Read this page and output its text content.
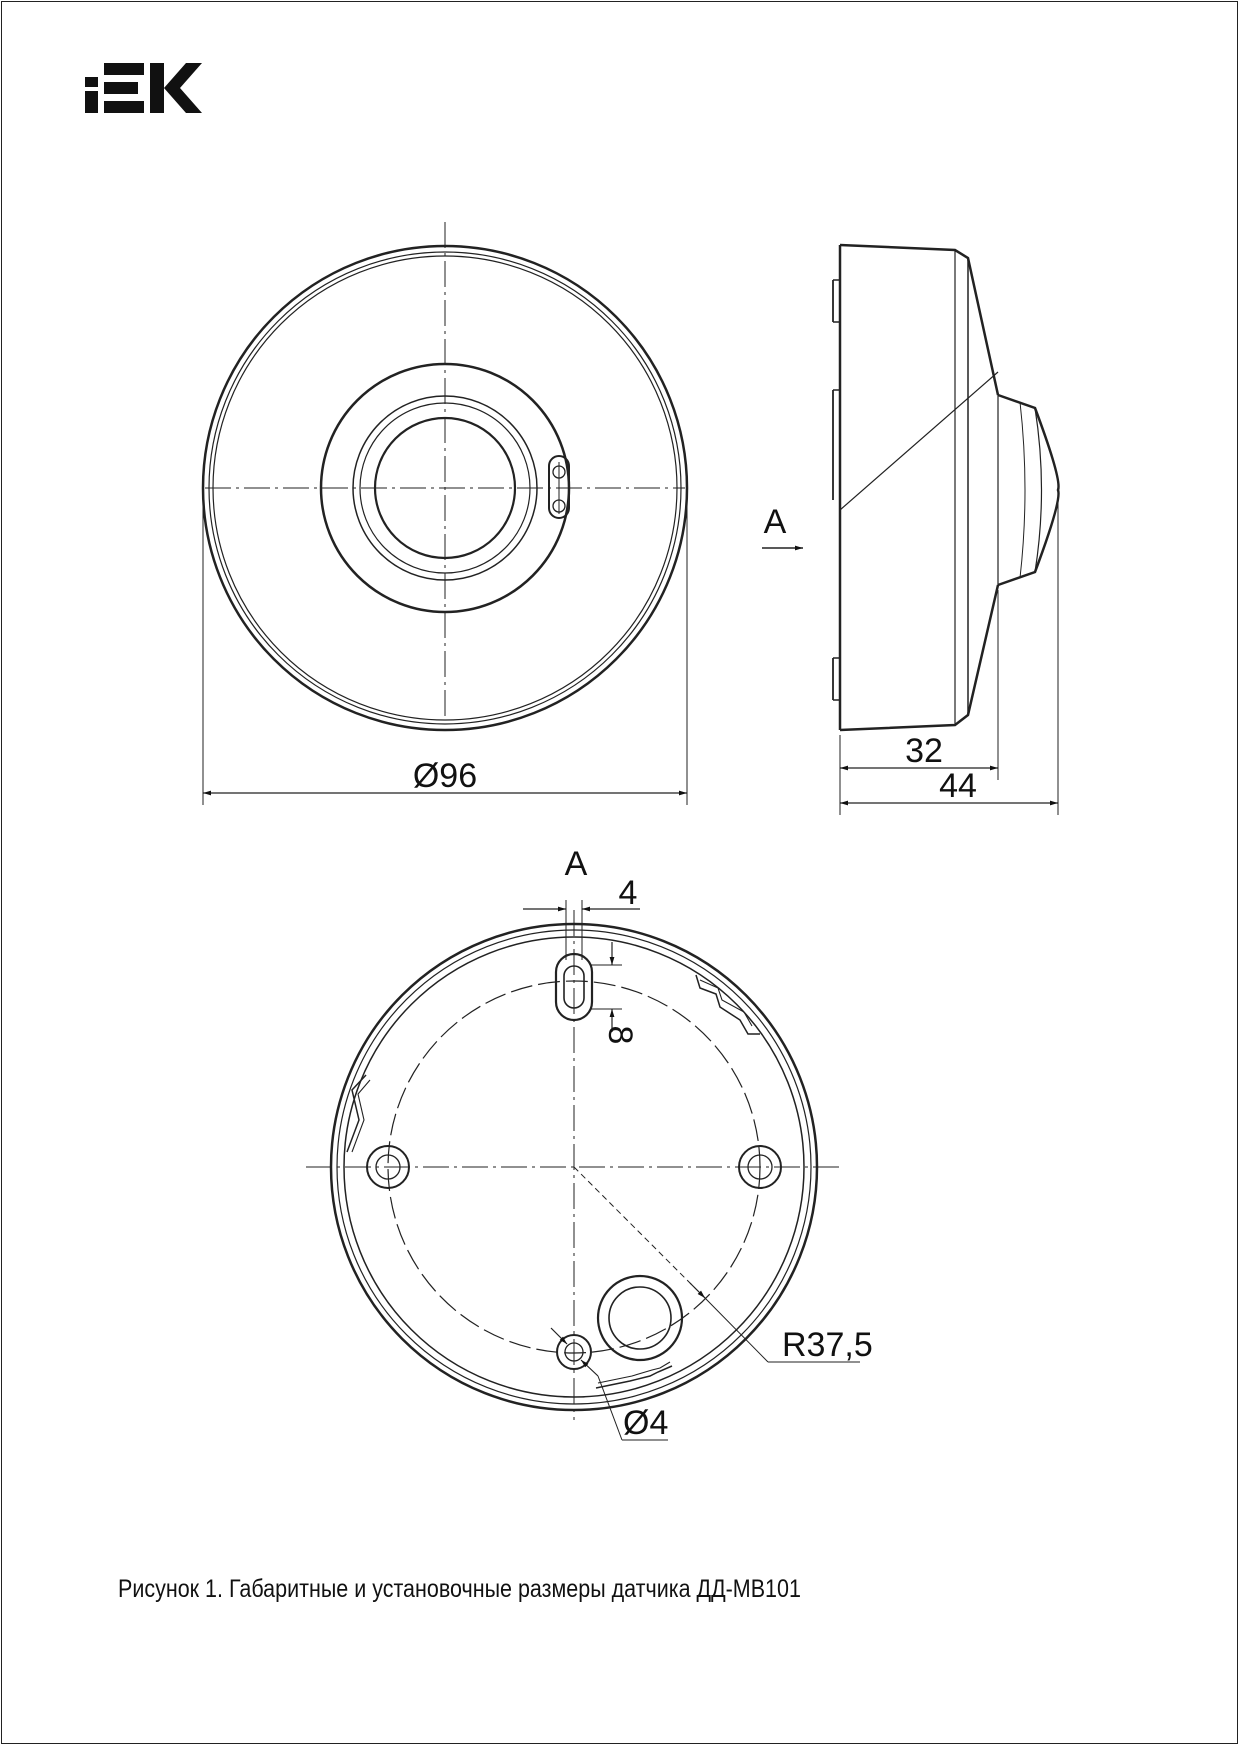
Ø96
A
32
44
A
4
8
R37,5
Ø4
Рисунок 1. Габаритные и установочные размеры датчика ДД-МВ101
